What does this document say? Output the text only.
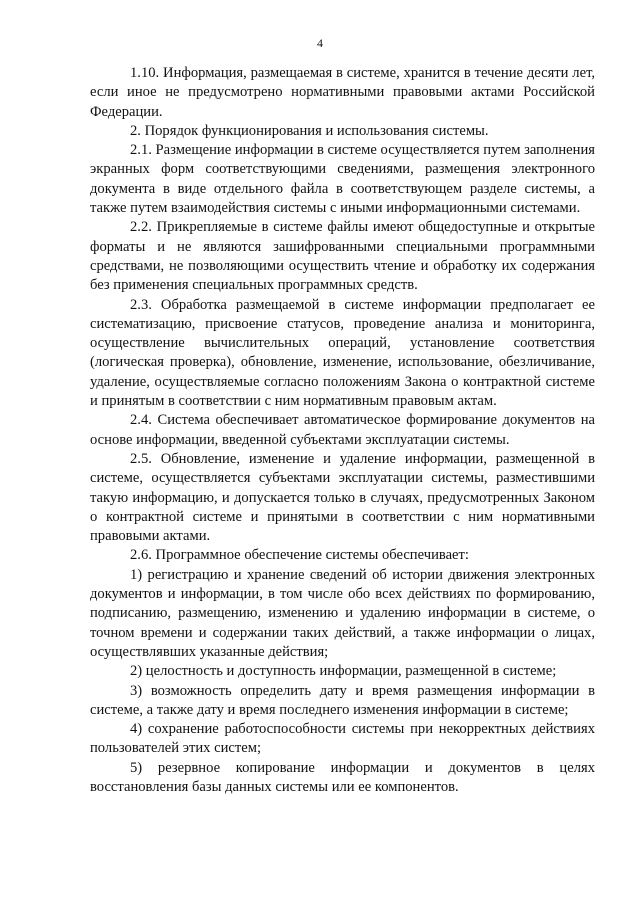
4

1.10. Информация, размещаемая в системе, хранится в течение десяти лет, если иное не предусмотрено нормативными правовыми актами Российской Федерации.

2. Порядок функционирования и использования системы.

2.1. Размещение информации в системе осуществляется путем заполнения экранных форм соответствующими сведениями, размещения электронного документа в виде отдельного файла в соответствующем разделе системы, а также путем взаимодействия системы с иными информационными системами.

2.2. Прикрепляемые в системе файлы имеют общедоступные и открытые форматы и не являются зашифрованными специальными программными средствами, не позволяющими осуществить чтение и обработку их содержания без применения специальных программных средств.

2.3. Обработка размещаемой в системе информации предполагает ее систематизацию, присвоение статусов, проведение анализа и мониторинга, осуществление вычислительных операций, установление соответствия (логическая проверка), обновление, изменение, использование, обезличивание, удаление, осуществляемые согласно положениям Закона о контрактной системе и принятым в соответствии с ним нормативным правовым актам.

2.4. Система обеспечивает автоматическое формирование документов на основе информации, введенной субъектами эксплуатации системы.

2.5. Обновление, изменение и удаление информации, размещенной в системе, осуществляется субъектами эксплуатации системы, разместившими такую информацию, и допускается только в случаях, предусмотренных Законом о контрактной системе и принятыми в соответствии с ним нормативными правовыми актами.

2.6. Программное обеспечение системы обеспечивает:

1) регистрацию и хранение сведений об истории движения электронных документов и информации, в том числе обо всех действиях по формированию, подписанию, размещению, изменению и удалению информации в системе, о точном времени и содержании таких действий, а также информации о лицах, осуществлявших указанные действия;

2) целостность и доступность информации, размещенной в системе;

3) возможность определить дату и время размещения информации в системе, а также дату и время последнего изменения информации в системе;

4) сохранение работоспособности системы при некорректных действиях пользователей этих систем;

5) резервное копирование информации и документов в целях восстановления базы данных системы или ее компонентов.
